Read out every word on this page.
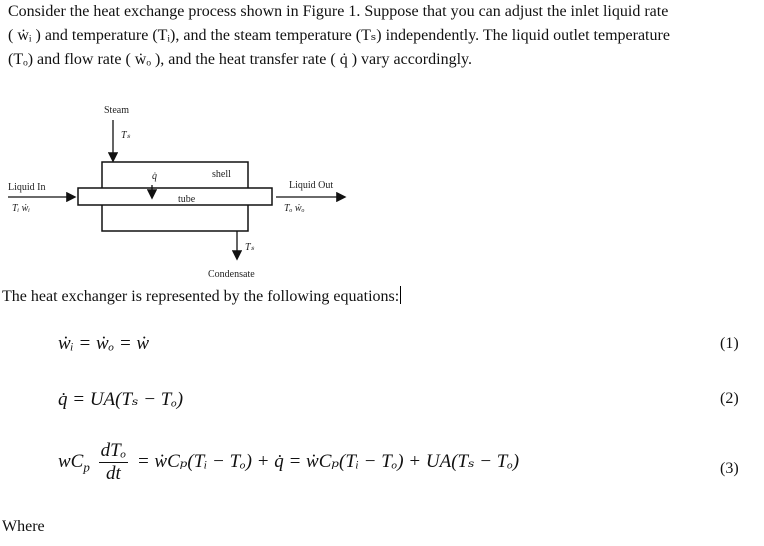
Consider the heat exchange process shown in Figure 1. Suppose that you can adjust the inlet liquid rate

( ẇᵢ ) and temperature (Tᵢ), and the steam temperature (Tₛ) independently. The liquid outlet temperature

(Tₒ) and flow rate ( ẇₒ ), and the heat transfer rate ( q̇ ) vary accordingly.

Steam
Tₛ
shell
tube
q̇
Liquid In
Tᵢ ẇᵢ
Liquid Out
Tₒ ẇₒ
Tₛ
Condensate
The heat exchanger is represented by the following equations:
ẇᵢ = ẇₒ = ẇ	(1)
q̇ = UA(Tₛ − Tₒ)	(2)
$wC_p \frac{\text{dTₒ}}{dt}$ = ẇCₚ(Tᵢ − Tₒ) + q̇ = ẇCₚ(Tᵢ − Tₒ) + UA(Tₛ − Tₒ)	(3)
Where
